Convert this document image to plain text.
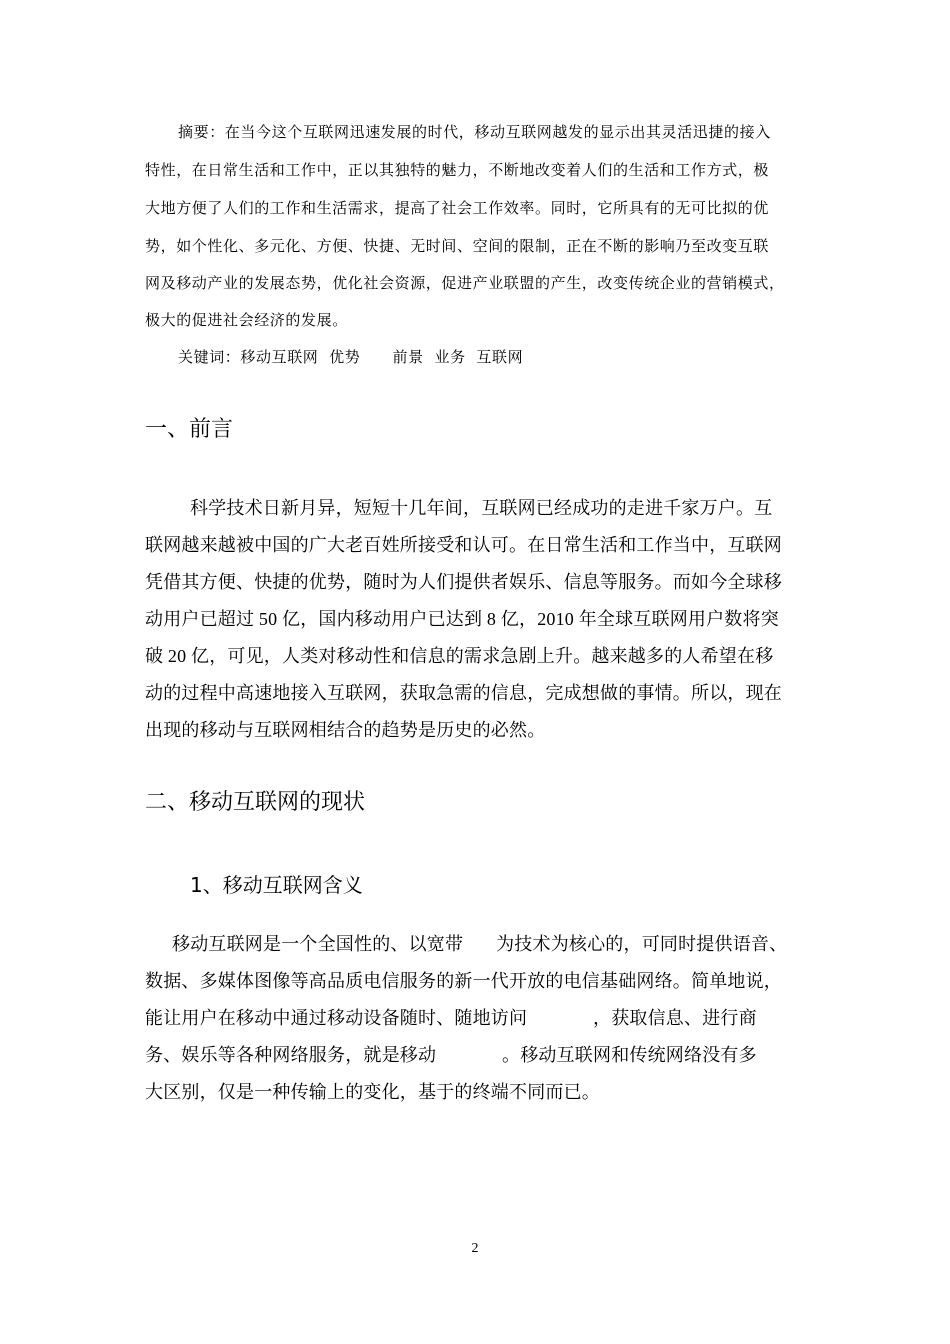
摘要：在当今这个互联网迅速发展的时代，移动互联网越发的显示出其灵活迅捷的接入
特性，在日常生活和工作中，正以其独特的魅力，不断地改变着人们的生活和工作方式，极
大地方便了人们的工作和生活需求，提高了社会工作效率。同时，它所具有的无可比拟的优
势，如个性化、多元化、方便、快捷、无时间、空间的限制，正在不断的影响乃至改变互联
网及移动产业的发展态势，优化社会资源，促进产业联盟的产生，改变传统企业的营销模式，
极大的促进社会经济的发展。
关键词：移动互联网  优势      前景  业务  互联网
一、前言
科学技术日新月异，短短十几年间，互联网已经成功的走进千家万户。互
联网越来越被中国的广大老百姓所接受和认可。在日常生活和工作当中，互联网
凭借其方便、快捷的优势，随时为人们提供者娱乐、信息等服务。而如今全球移
动用户已超过 50 亿，国内移动用户已达到 8 亿，2010 年全球互联网用户数将突
破 20 亿，可见，人类对移动性和信息的需求急剧上升。越来越多的人希望在移
动的过程中高速地接入互联网，获取急需的信息，完成想做的事情。所以，现在
出现的移动与互联网相结合的趋势是历史的必然。
二、移动互联网的现状
1、移动互联网含义
移动互联网是一个全国性的、以宽带       为技术为核心的，可同时提供语音、
数据、多媒体图像等高品质电信服务的新一代开放的电信基础网络。简单地说，
能让用户在移动中通过移动设备随时、随地访问              ，获取信息、进行商
务、娱乐等各种网络服务，就是移动              。移动互联网和传统网络没有多
大区别，仅是一种传输上的变化，基于的终端不同而已。
2
